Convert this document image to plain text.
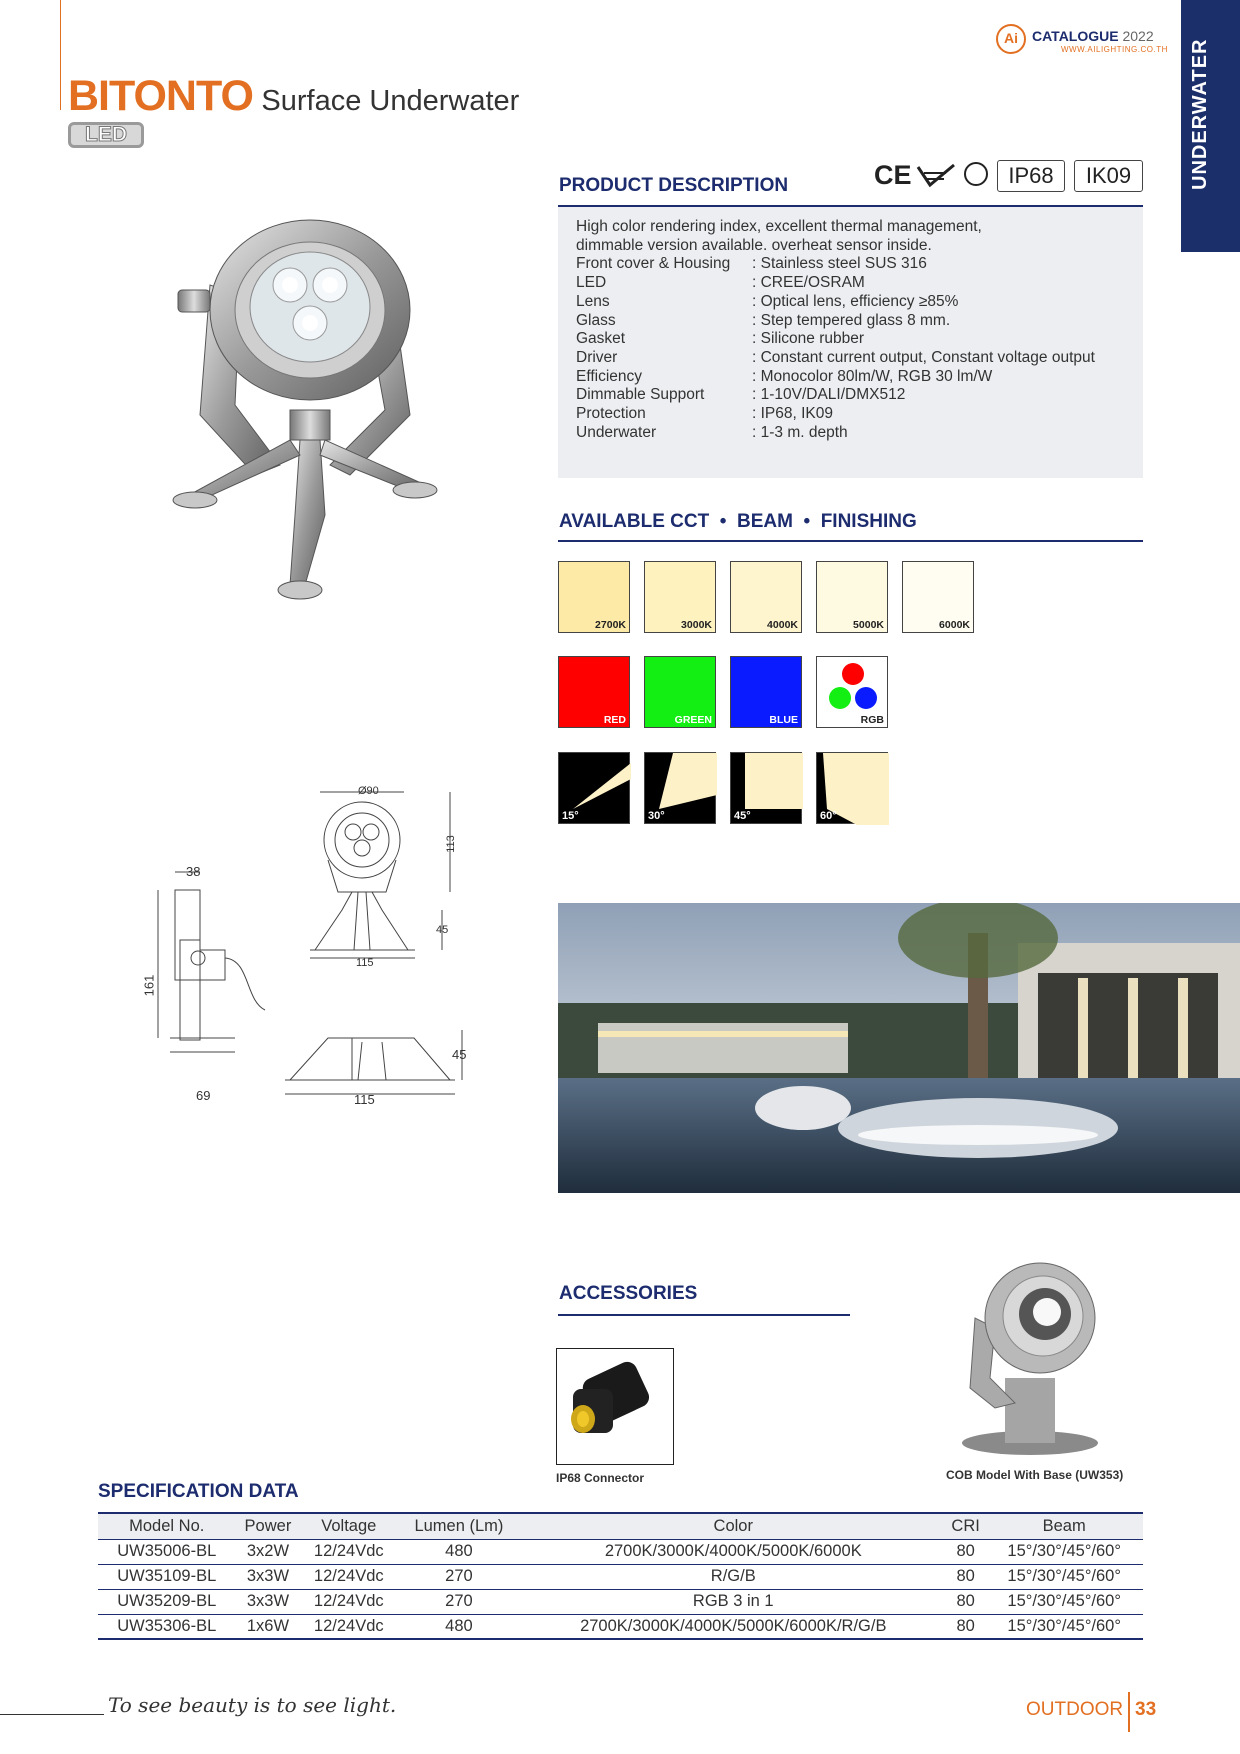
BITONTO Surface Underwater
LED
Ai	CATALOGUE 2022
WWW.AILIGHTING.CO.TH UNDERWATER
PRODUCT DESCRIPTION	CE	IP68	IK09
High color rendering index, excellent thermal management,
dimmable version available. overheat sensor inside.
Front cover & Housing	: Stainless steel SUS 316
LED	: CREE/OSRAM
Lens	: Optical lens, efficiency ≥85%
Glass	: Step tempered glass 8 mm.
Gasket	: Silicone rubber
Driver	: Constant current output, Constant voltage output
Efficiency	: Monocolor 80lm/W, RGB 30 lm/W
Dimmable Support	: 1-10V/DALI/DMX512
Protection	: IP68, IK09
Underwater	: 1-3 m. depth
AVAILABLE CCT  •  BEAM  •  FINISHING
2700K	3000K	4000K	5000K	6000K
RED	GREEN	BLUE	RGB
15°	30°	45°	60°
Ø90
113
45
115
38
161
69
45
115
ACCESSORIES
IP68 Connector	COB Model With Base (UW353)
SPECIFICATION DATA
Model No.	Power	Voltage	Lumen (Lm)	Color	CRI	Beam
UW35006-BL	3x2W	12/24Vdc	480	2700K/3000K/4000K/5000K/6000K	80	15°/30°/45°/60°
UW35109-BL	3x3W	12/24Vdc	270	R/G/B	80	15°/30°/45°/60°
UW35209-BL	3x3W	12/24Vdc	270	RGB 3 in 1	80	15°/30°/45°/60°
UW35306-BL	1x6W	12/24Vdc	480	2700K/3000K/4000K/5000K/6000K/R/G/B	80	15°/30°/45°/60°
To see beauty is to see light.	OUTDOOR 33
